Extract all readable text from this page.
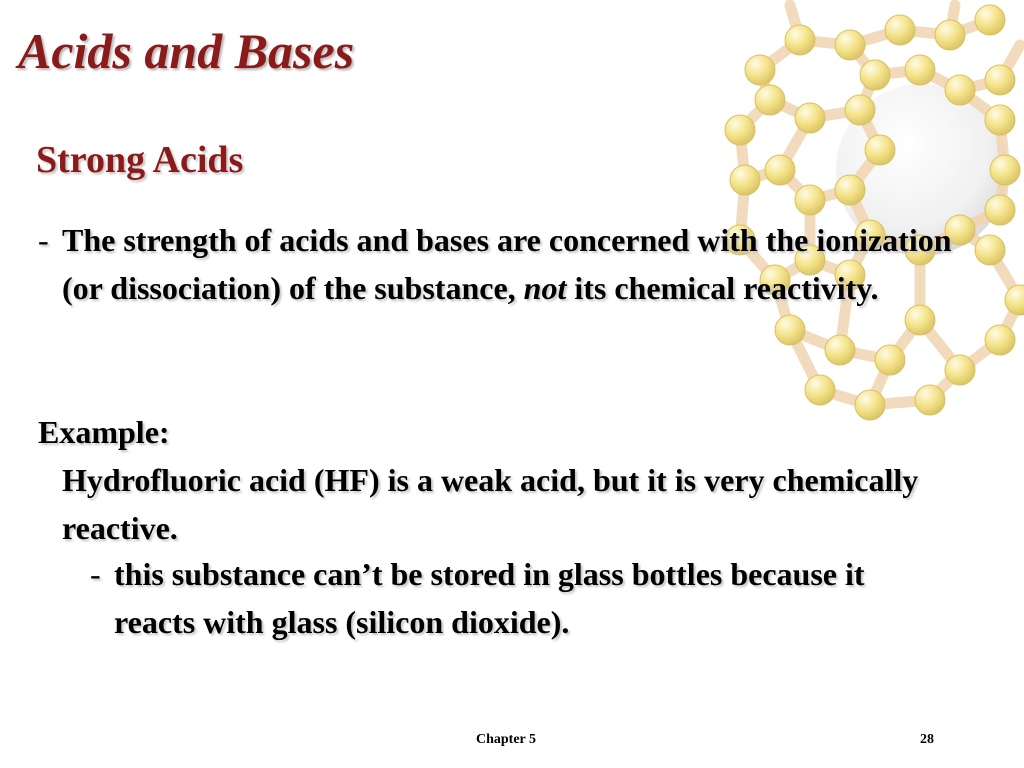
Acids and Bases
Strong Acids
- The strength of acids and bases are concerned with the ionization (or dissociation) of the substance, not its chemical reactivity.
Example:
Hydrofluoric acid (HF) is a weak acid, but it is very chemically reactive.
- this substance can’t be stored in glass bottles because it reacts with glass (silicon dioxide).
Chapter 5	28
